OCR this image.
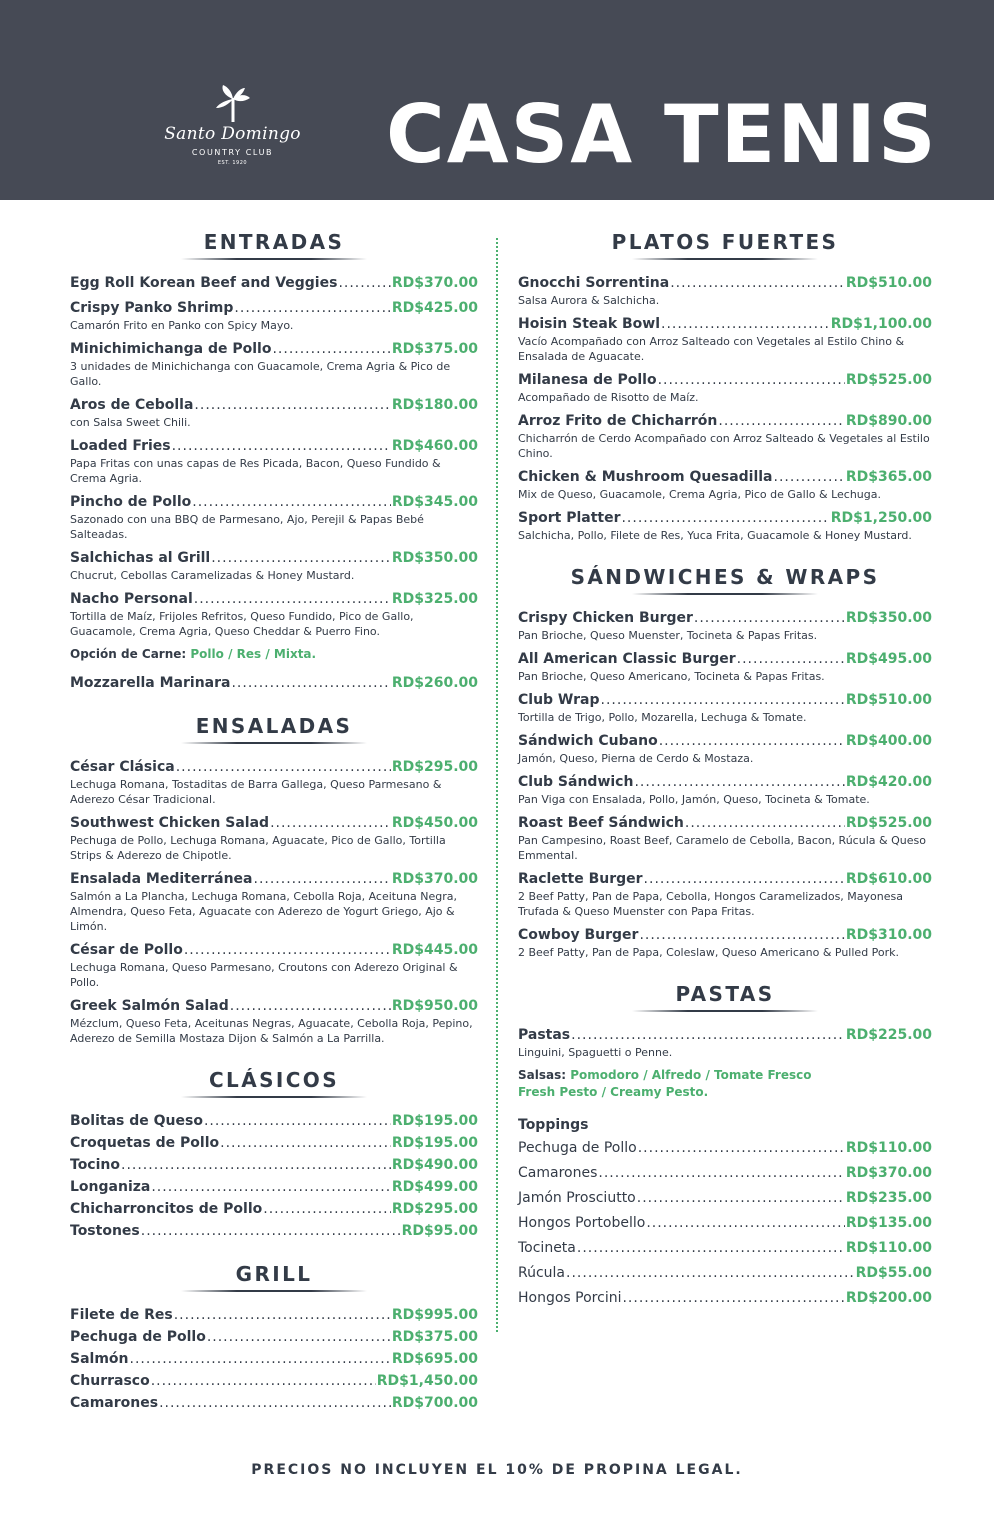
Santo Domingo
COUNTRY CLUB
EST. 1920	CASA TENIS
ENTRADAS
Egg Roll Korean Beef and Veggies .....	RD$370.00
Crispy Panko Shrimp .....	RD$425.00
Camarón Frito en Panko con Spicy Mayo.
Minichimichanga de Pollo .....	RD$375.00
3 unidades de Minichichanga con Guacamole, Crema Agria & Pico de Gallo.
Aros de Cebolla .....	RD$180.00
con Salsa Sweet Chili.
Loaded Fries .....	RD$460.00
Papa Fritas con unas capas de Res Picada, Bacon, Queso Fundido & Crema Agria.
Pincho de Pollo .....	RD$345.00
Sazonado con una BBQ de Parmesano, Ajo, Perejil & Papas Bebé Salteadas.
Salchichas al Grill .....	RD$350.00
Chucrut, Cebollas Caramelizadas & Honey Mustard.
Nacho Personal .....	RD$325.00
Tortilla de Maíz, Frijoles Refritos, Queso Fundido, Pico de Gallo, Guacamole, Crema Agria, Queso Cheddar & Puerro Fino.
Opción de Carne: Pollo / Res / Mixta.
Mozzarella Marinara .....	RD$260.00
ENSALADAS
César Clásica .....	RD$295.00
Lechuga Romana, Tostaditas de Barra Gallega, Queso Parmesano & Aderezo César Tradicional.
Southwest Chicken Salad .....	RD$450.00
Pechuga de Pollo, Lechuga Romana, Aguacate, Pico de Gallo, Tortilla Strips & Aderezo de Chipotle.
Ensalada Mediterránea .....	RD$370.00
Salmón a La Plancha, Lechuga Romana, Cebolla Roja, Aceituna Negra, Almendra, Queso Feta, Aguacate con Aderezo de Yogurt Griego, Ajo & Limón.
César de Pollo .....	RD$445.00
Lechuga Romana, Queso Parmesano, Croutons con Aderezo Original & Pollo.
Greek Salmón Salad .....	RD$950.00
Mézclum, Queso Feta, Aceitunas Negras, Aguacate, Cebolla Roja, Pepino, Aderezo de Semilla Mostaza Dijon & Salmón a La Parrilla.
CLÁSICOS
Bolitas de Queso .....	RD$195.00
Croquetas de Pollo .....	RD$195.00
Tocino .....	RD$490.00
Longaniza .....	RD$499.00
Chicharroncitos de Pollo .....	RD$295.00
Tostones .....	RD$95.00
GRILL
Filete de Res .....	RD$995.00
Pechuga de Pollo .....	RD$375.00
Salmón .....	RD$695.00
Churrasco .....	RD$1,450.00
Camarones .....	RD$700.00
PLATOS FUERTES
Gnocchi Sorrentina .....	RD$510.00
Salsa Aurora & Salchicha.
Hoisin Steak Bowl .....	RD$1,100.00
Vacío Acompañado con Arroz Salteado con Vegetales al Estilo Chino & Ensalada de Aguacate.
Milanesa de Pollo .....	RD$525.00
Acompañado de Risotto de Maíz.
Arroz Frito de Chicharrón .....	RD$890.00
Chicharrón de Cerdo Acompañado con Arroz Salteado & Vegetales al Estilo Chino.
Chicken & Mushroom Quesadilla .....	RD$365.00
Mix de Queso, Guacamole, Crema Agria, Pico de Gallo & Lechuga.
Sport Platter .....	RD$1,250.00
Salchicha, Pollo, Filete de Res, Yuca Frita, Guacamole & Honey Mustard.
SÁNDWICHES & WRAPS
Crispy Chicken Burger .....	RD$350.00
Pan Brioche, Queso Muenster, Tocineta & Papas Fritas.
All American Classic Burger .....	RD$495.00
Pan Brioche, Queso Americano, Tocineta & Papas Fritas.
Club Wrap .....	RD$510.00
Tortilla de Trigo, Pollo, Mozarella, Lechuga & Tomate.
Sándwich Cubano .....	RD$400.00
Jamón, Queso, Pierna de Cerdo & Mostaza.
Club Sándwich .....	RD$420.00
Pan Viga con Ensalada, Pollo, Jamón, Queso, Tocineta & Tomate.
Roast Beef Sándwich .....	RD$525.00
Pan Campesino, Roast Beef, Caramelo de Cebolla, Bacon, Rúcula & Queso Emmental.
Raclette Burger .....	RD$610.00
2 Beef Patty, Pan de Papa, Cebolla, Hongos Caramelizados, Mayonesa Trufada & Queso Muenster con Papa Fritas.
Cowboy Burger .....	RD$310.00
2 Beef Patty, Pan de Papa, Coleslaw, Queso Americano & Pulled Pork.
PASTAS
Pastas .....	RD$225.00
Linguini, Spaguetti o Penne.
Salsas: Pomodoro / Alfredo / Tomate Fresco
Fresh Pesto / Creamy Pesto.
Toppings
Pechuga de Pollo .....	RD$110.00
Camarones .....	RD$370.00
Jamón Prosciutto .....	RD$235.00
Hongos Portobello .....	RD$135.00
Tocineta .....	RD$110.00
Rúcula .....	RD$55.00
Hongos Porcini .....	RD$200.00
PRECIOS NO INCLUYEN EL 10% DE PROPINA LEGAL.
